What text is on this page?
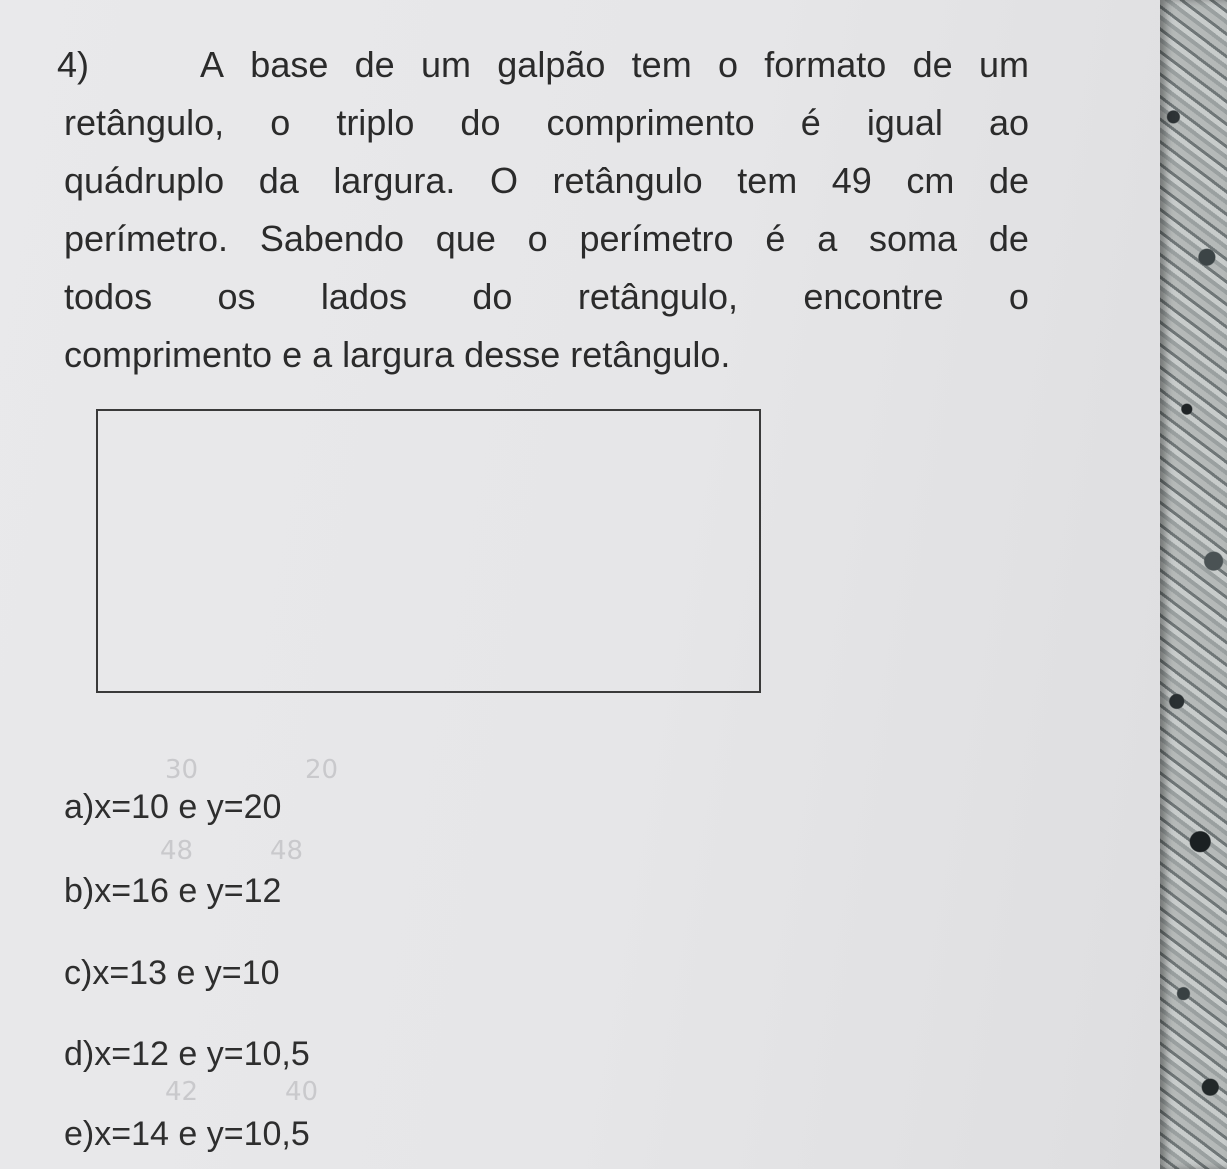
4)	A base de um galpão tem o formato de um
retângulo, o triplo do comprimento é igual ao
quádruplo da largura. O retângulo tem 49 cm de
perímetro. Sabendo que o perímetro é a soma de
todos os lados do retângulo, encontre o
comprimento e a largura desse retângulo.
30	20
48	48
42	40
a)x=10 e y=20
b)x=16 e y=12
c)x=13 e y=10
d)x=12 e y=10,5
e)x=14 e y=10,5
